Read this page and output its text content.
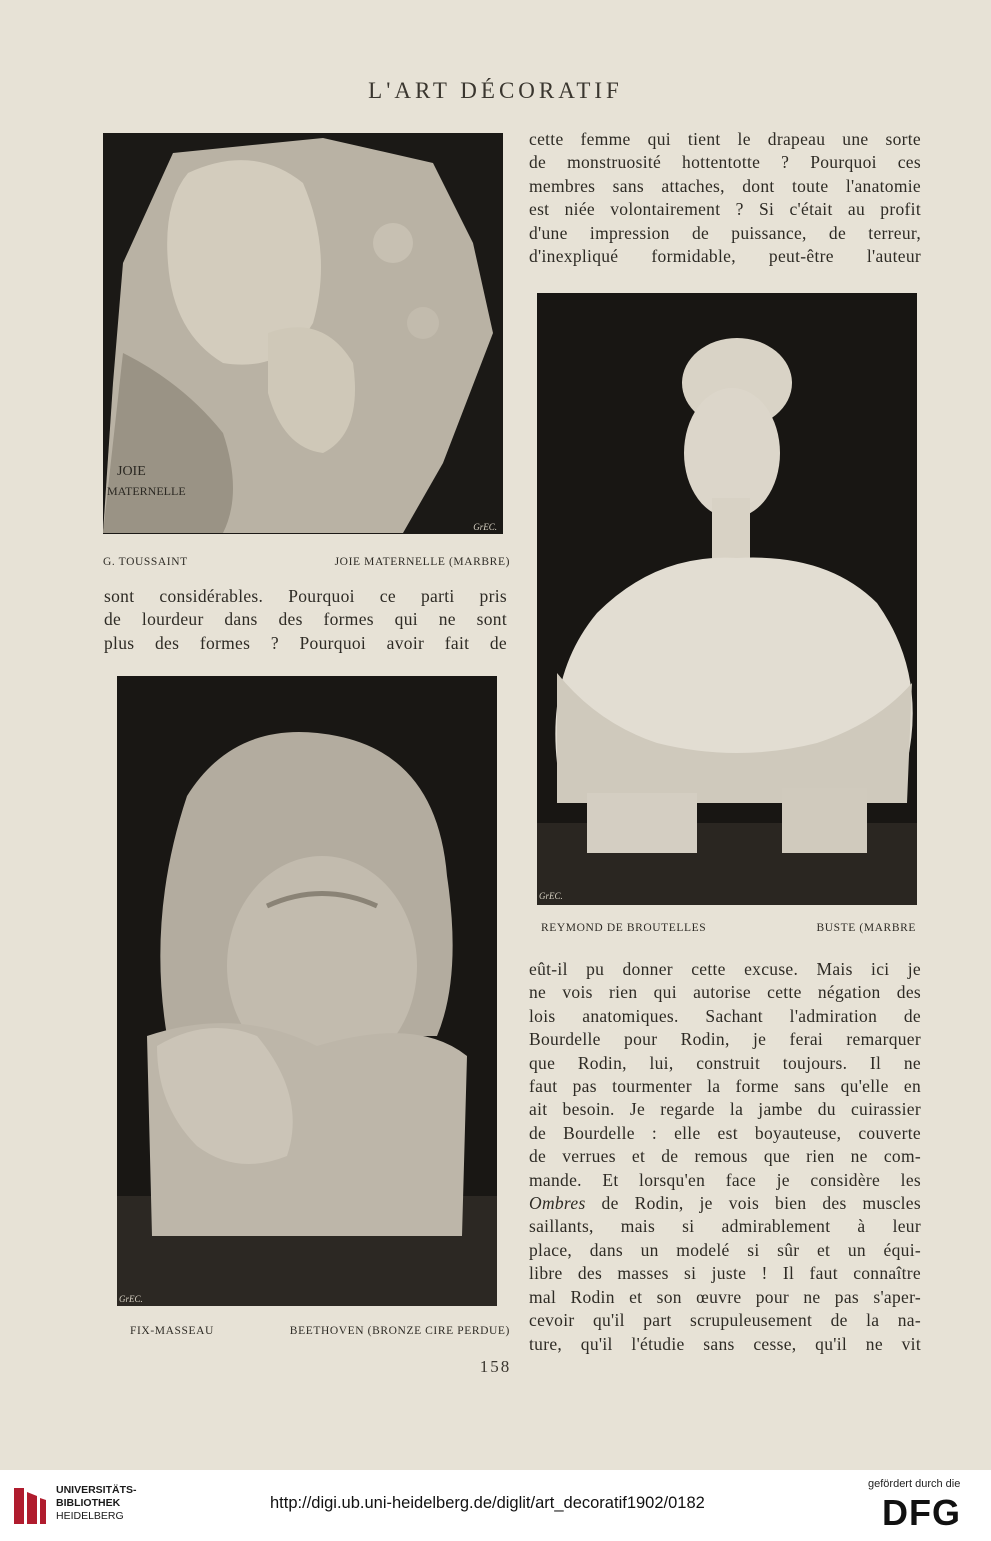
L'ART DÉCORATIF
JOIE
MATERNELLE
GrEC.
G. TOUSSAINT	JOIE MATERNELLE (MARBRE)
GrEC.
REYMOND DE BROUTELLES	BUSTE (MARBRE
GrEC.
FIX-MASSEAU	BEETHOVEN (BRONZE CIRE PERDUE)

cette femme qui tient le drapeau une sorte
de monstruosité hottentotte ? Pourquoi ces
membres sans attaches, dont toute l'anatomie
est niée volontairement ? Si c'était au profit
d'une impression de puissance, de terreur,
d'inexpliqué formidable, peut-être l'auteur

sont considérables. Pourquoi ce parti pris
de lourdeur dans des formes qui ne sont
plus des formes ? Pourquoi avoir fait de

eût-il pu donner cette excuse. Mais ici je
ne vois rien qui autorise cette négation des
lois anatomiques. Sachant l'admiration de
Bourdelle pour Rodin, je ferai remarquer
que Rodin, lui, construit toujours. Il ne
faut pas tourmenter la forme sans qu'elle en
ait besoin. Je regarde la jambe du cuirassier
de Bourdelle : elle est boyauteuse, couverte
de verrues et de remous que rien ne com-
mande. Et lorsqu'en face je considère les
Ombres de Rodin, je vois bien des muscles
saillants, mais si admirablement à leur
place, dans un modelé si sûr et un équi-
libre des masses si juste ! Il faut connaître
mal Rodin et son œuvre pour ne pas s'aper-
cevoir qu'il part scrupuleusement de la na-
ture, qu'il l'étudie sans cesse, qu'il ne vit

158
UNIVERSITÄTS-
BIBLIOTHEK
HEIDELBERG
http://digi.ub.uni-heidelberg.de/diglit/art_decoratif1902/0182
gefördert durch die
DFG
